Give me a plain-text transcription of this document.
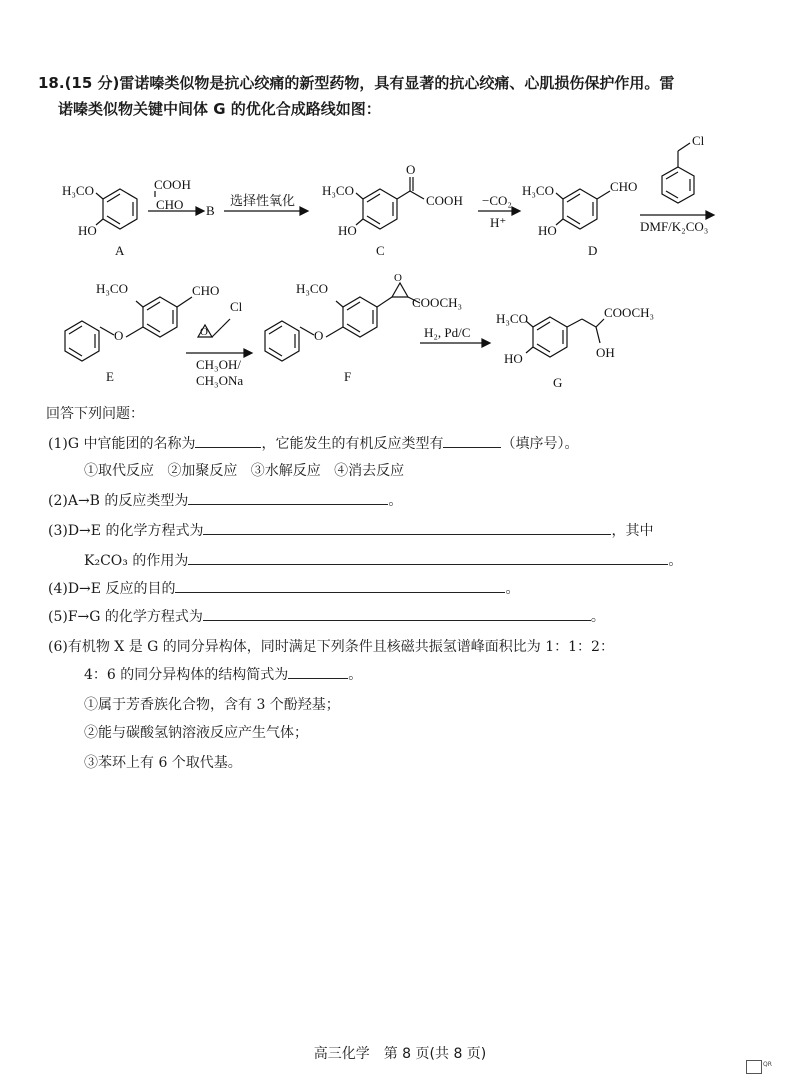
18.(15 分)雷诺嗪类似物是抗心绞痛的新型药物，具有显著的抗心绞痛、心肌损伤保护作用。雷
诺嗪类似物关键中间体 G 的优化合成路线如图：
H₃CO
HO
A
COOH
CHO B
选择性氧化
H₃CO
HO
O
COOH
C
−CO₂
H⁺
H₃CO
HO
CHO
D
Cl
DMF/K₂CO₃
H₃CO	CHO
O
E
O
Cl
CH₃OH/
CH₃ONa
H₃CO
O
COOCH₃
O
F
H₂, Pd/C
H₃CO
HO
COOCH₃
OH
G
回答下列问题：
(1)G 中官能团的名称为	，它能发生的有机反应类型有	（填序号）。
①取代反应 ②加聚反应 ③水解反应 ④消去反应
(2)A→B 的反应类型为	。
(3)D→E 的化学方程式为	，其中
K₂CO₃ 的作用为	。
(4)D→E 反应的目的	。
(5)F→G 的化学方程式为	。
(6)有机物 X 是 G 的同分异构体，同时满足下列条件且核磁共振氢谱峰面积比为 1：1：2：
4：6 的同分异构体的结构简式为	。
①属于芳香族化合物，含有 3 个酚羟基；
②能与碳酸氢钠溶液反应产生气体；
③苯环上有 6 个取代基。
高三化学　第 8 页(共 8 页)
QR
